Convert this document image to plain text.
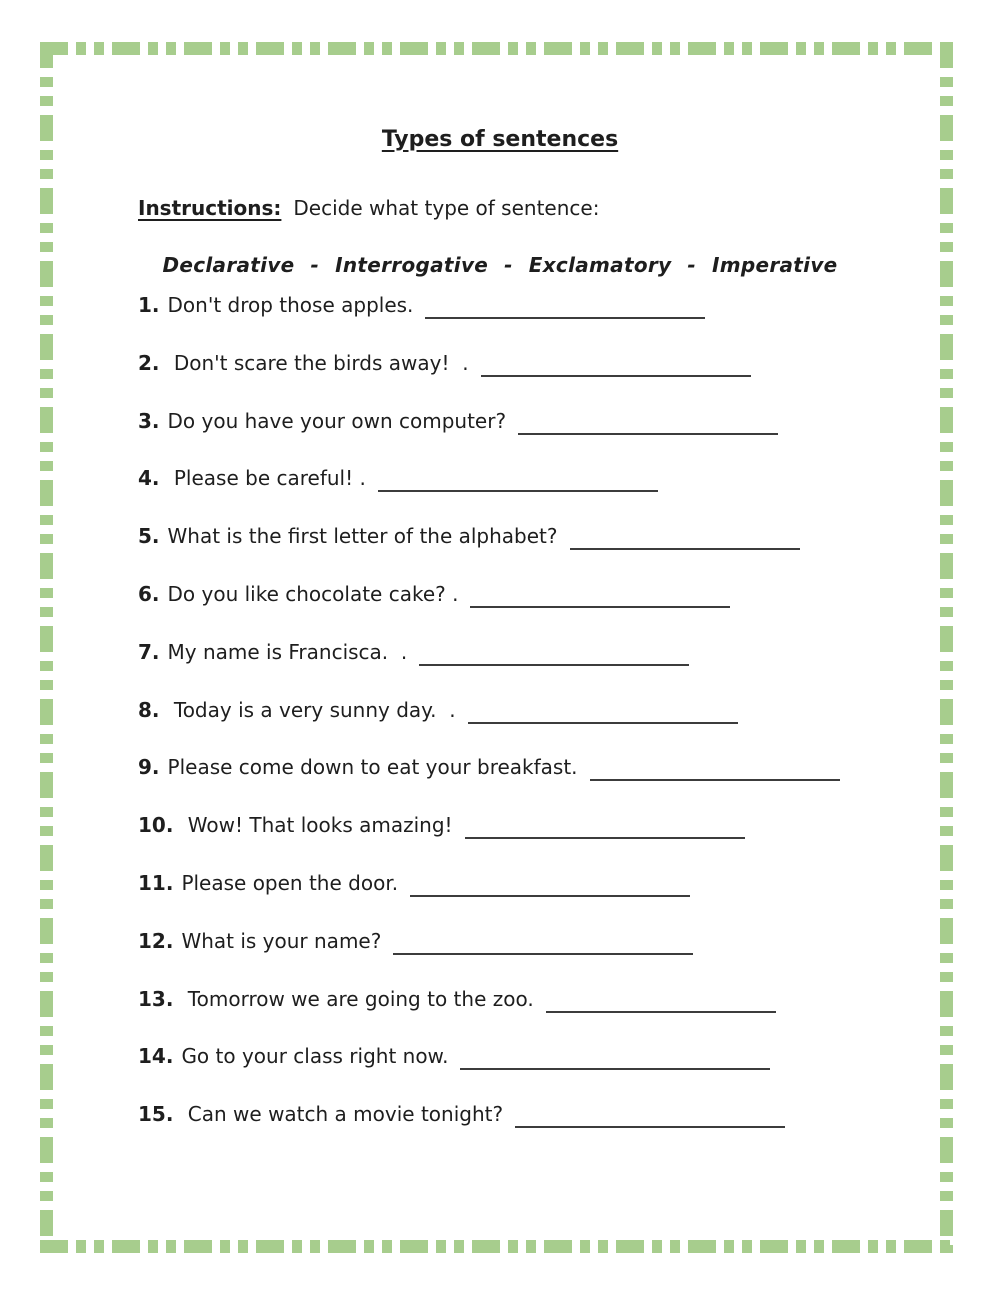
Types of sentences

Instructions: Decide what type of sentence:

Declarative - Interrogative - Exclamatory - Imperative

1. Don't drop those apples.
2. Don't scare the birds away!  .
3. Do you have your own computer?
4. Please be careful! .
5. What is the first letter of the alphabet?
6. Do you like chocolate cake? .
7. My name is Francisca.  .
8. Today is a very sunny day.  .
9. Please come down to eat your breakfast.
10. Wow! That looks amazing!
11. Please open the door.
12. What is your name?
13. Tomorrow we are going to the zoo.
14. Go to your class right now.
15. Can we watch a movie tonight?
